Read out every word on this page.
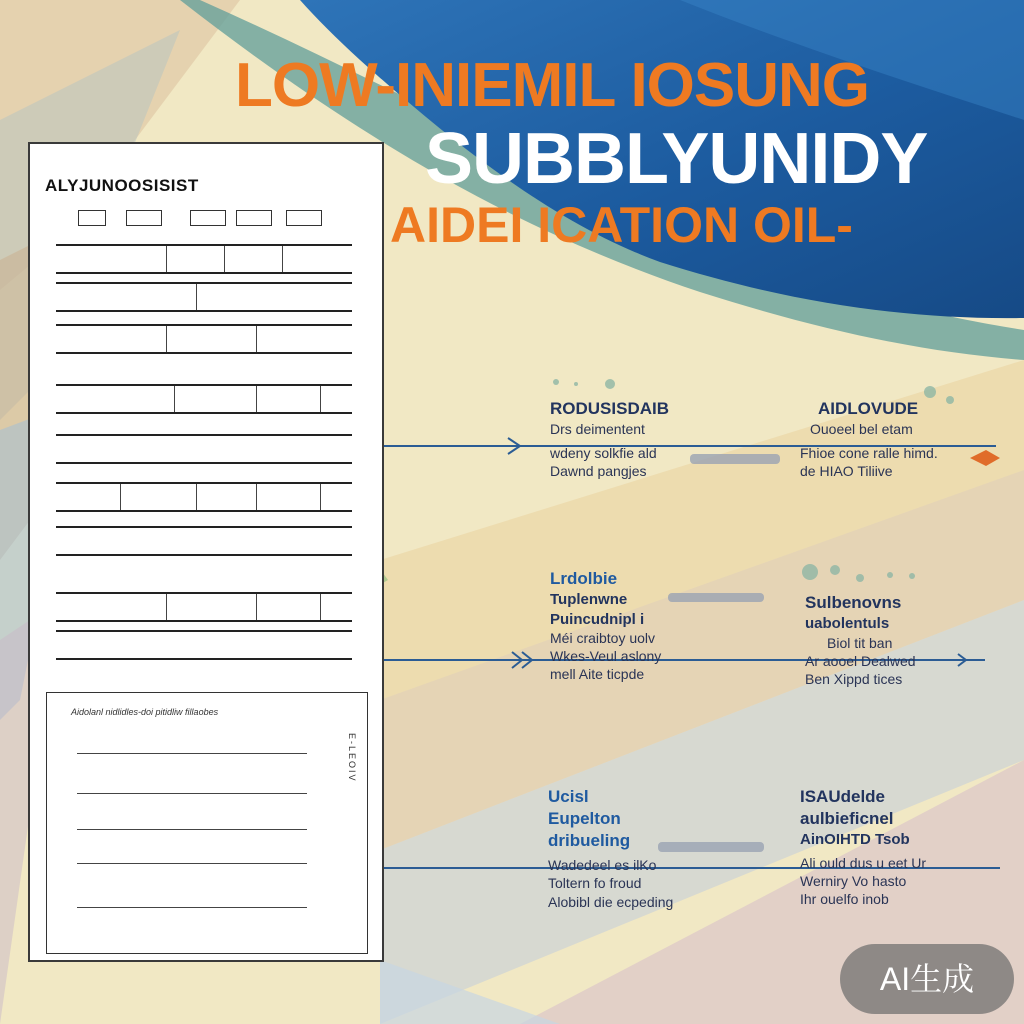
LOW-INIEMIL IOSUNG
SUBBLYUNIDY
AIDEI ICATION OIL-
ALYJUNOOSISIST
Aidolanl nidlidles-doi pitidliw fillaobes
E-LEOIV
RODUSISDAIB
Drs deimentent
wdeny solkfie ald
Dawnd pangjes
AIDLOVUDE
Ouoeel bel etam
Fhioe cone ralle himd.
de HIAO Tiliive
Lrdolbie
Tuplenwne
Puincudnipl i
Méi craibtoy uolv
Wkes-Veul aslony
mell Aite ticpde
Sulbenovns
uabolentuls
Biol tit ban
Ar aooel Dealwed
Ben Xippd tices
Ucisl
Eupelton
dribueling
Wadedeel es ilKo
Toltern fo froud
Alobibl die ecpeding
ISAUdelde
aulbieficnel
AinOIHTD Tsob
Ali ould dus u eet Ur
Werniry Vo hasto
Ihr ouelfo inob
AI生成
